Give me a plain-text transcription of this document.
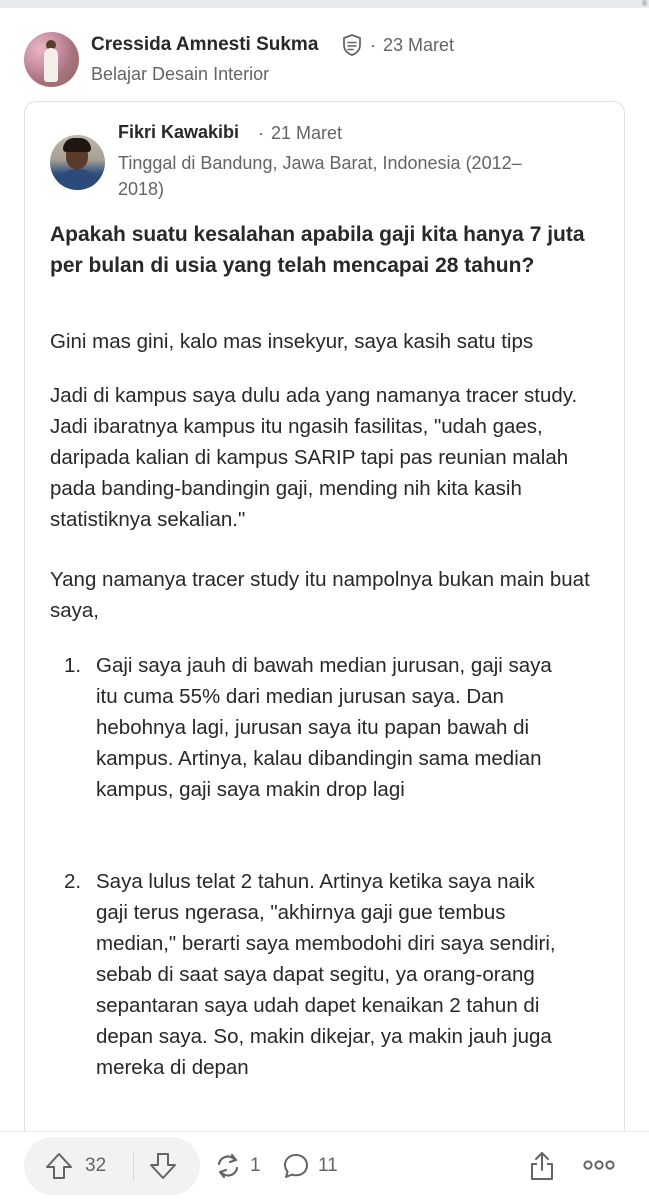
Cressida Amnesti Sukma	· 23 Maret
Belajar Desain Interior
Fikri Kawakibi · 21 Maret
Tinggal di Bandung, Jawa Barat, Indonesia (2012–2018)
Apakah suatu kesalahan apabila gaji kita hanya 7 juta per bulan di usia yang telah mencapai 28 tahun?
Gini mas gini, kalo mas insekyur, saya kasih satu tips
Jadi di kampus saya dulu ada yang namanya tracer study. Jadi ibaratnya kampus itu ngasih fasilitas, "udah gaes, daripada kalian di kampus SARIP tapi pas reunian malah pada banding-bandingin gaji, mending nih kita kasih statistiknya sekalian."
Yang namanya tracer study itu nampolnya bukan main buat saya,
1. Gaji saya jauh di bawah median jurusan, gaji saya itu cuma 55% dari median jurusan saya. Dan hebohnya lagi, jurusan saya itu papan bawah di kampus. Artinya, kalau dibandingin sama median kampus, gaji saya makin drop lagi
2. Saya lulus telat 2 tahun. Artinya ketika saya naik gaji terus ngerasa, "akhirnya gaji gue tembus median," berarti saya membodohi diri saya sendiri, sebab di saat saya dapat segitu, ya orang-orang sepantaran saya udah dapet kenaikan 2 tahun di depan saya. So, makin dikejar, ya makin jauh juga mereka di depan
32	1	11
